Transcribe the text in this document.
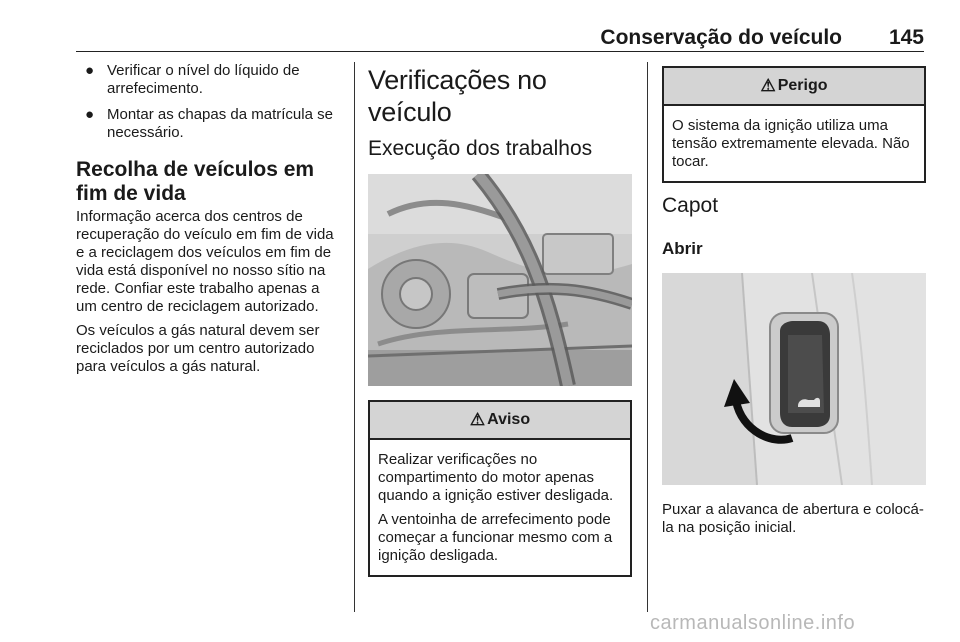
Conservação do veículo 145
● Verificar o nível do líquido de arrefecimento.
● Montar as chapas da matrícula se necessário.
Recolha de veículos em fim de vida

Informação acerca dos centros de recuperação do veículo em fim de vida e a reciclagem dos veículos em fim de vida está disponível no nosso sítio na rede. Confiar este trabalho apenas a um centro de reciclagem autorizado.

Os veículos a gás natural devem ser reciclados por um centro autorizado para veículos a gás natural.

Verificações no veículo
Execução dos trabalhos
⚠ Aviso

Realizar verificações no compartimento do motor apenas quando a ignição estiver desligada.

A ventoinha de arrefecimento pode começar a funcionar mesmo com a ignição desligada.

⚠ Perigo

O sistema da ignição utiliza uma tensão extremamente elevada. Não tocar.

Capot
Abrir

Puxar a alavanca de abertura e colocá-la na posição inicial.

carmanualsonline.info
